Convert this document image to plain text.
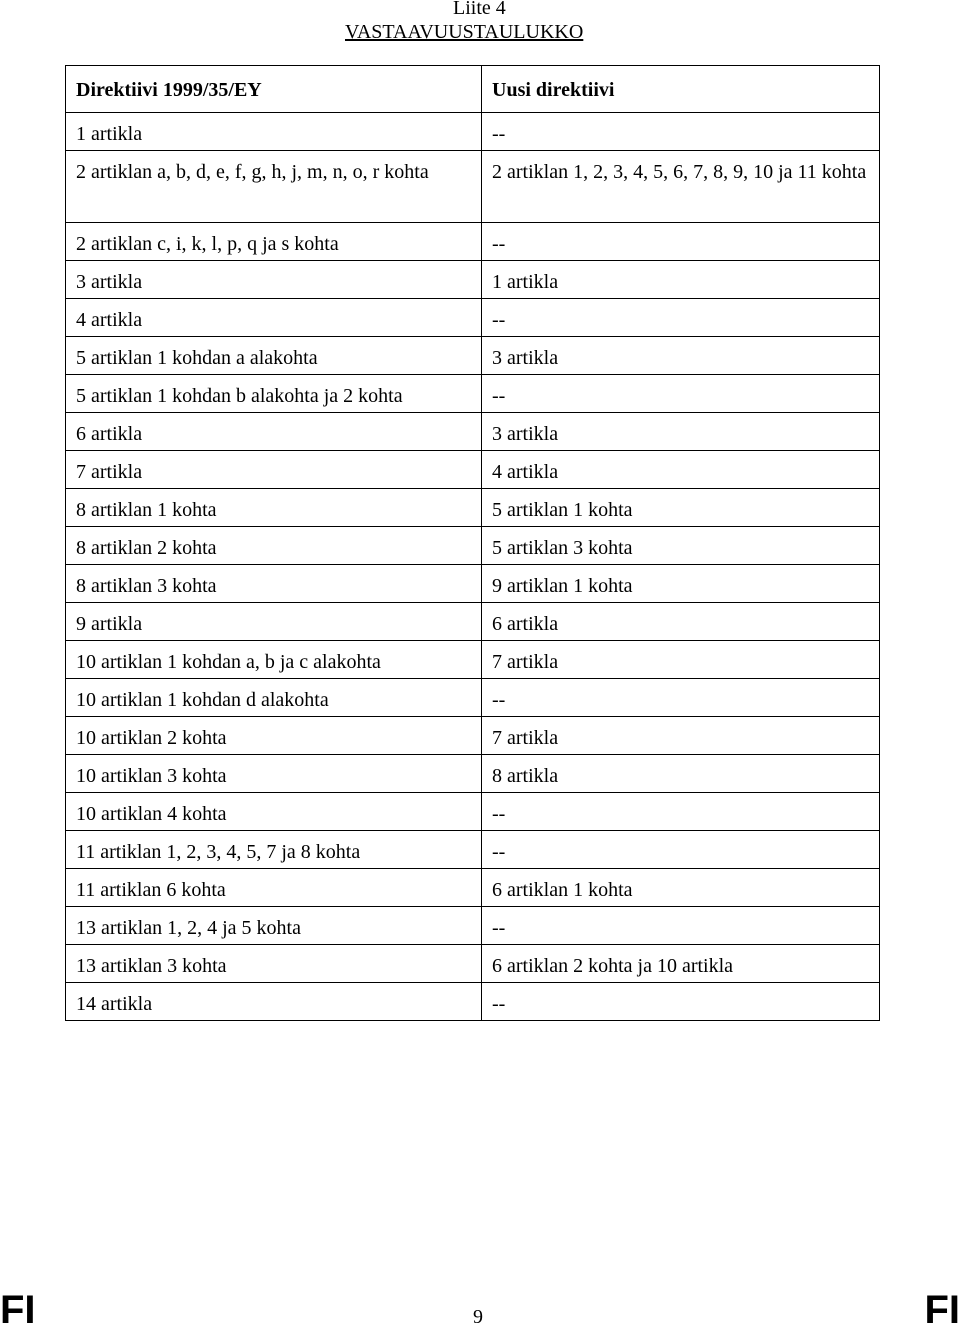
Liite 4
VASTAAVUUSTAULUKKO
Direktiivi 1999/35/EY	Uusi direktiivi
1 artikla	--
2 artiklan a, b, d, e, f, g, h, j, m, n, o, r kohta	2 artiklan 1, 2, 3, 4, 5, 6, 7, 8, 9, 10 ja 11 kohta
2 artiklan c, i, k, l, p, q ja s kohta	--
3 artikla	1 artikla
4 artikla	--
5 artiklan 1 kohdan a alakohta	3 artikla
5 artiklan 1 kohdan b alakohta ja 2 kohta	--
6 artikla	3 artikla
7 artikla	4 artikla
8 artiklan 1 kohta	5 artiklan 1 kohta
8 artiklan 2 kohta	5 artiklan 3 kohta
8 artiklan 3 kohta	9 artiklan 1 kohta
9 artikla	6 artikla
10 artiklan 1 kohdan a, b ja c alakohta	7 artikla
10 artiklan 1 kohdan d alakohta	--
10 artiklan 2 kohta	7 artikla
10 artiklan 3 kohta	8 artikla
10 artiklan 4 kohta	--
11 artiklan 1, 2, 3, 4, 5, 7 ja 8 kohta	--
11 artiklan 6 kohta	6 artiklan 1 kohta
13 artiklan 1, 2, 4 ja 5 kohta	--
13 artiklan 3 kohta	6 artiklan 2 kohta ja 10 artikla
14 artikla	--
FI	9	FI
